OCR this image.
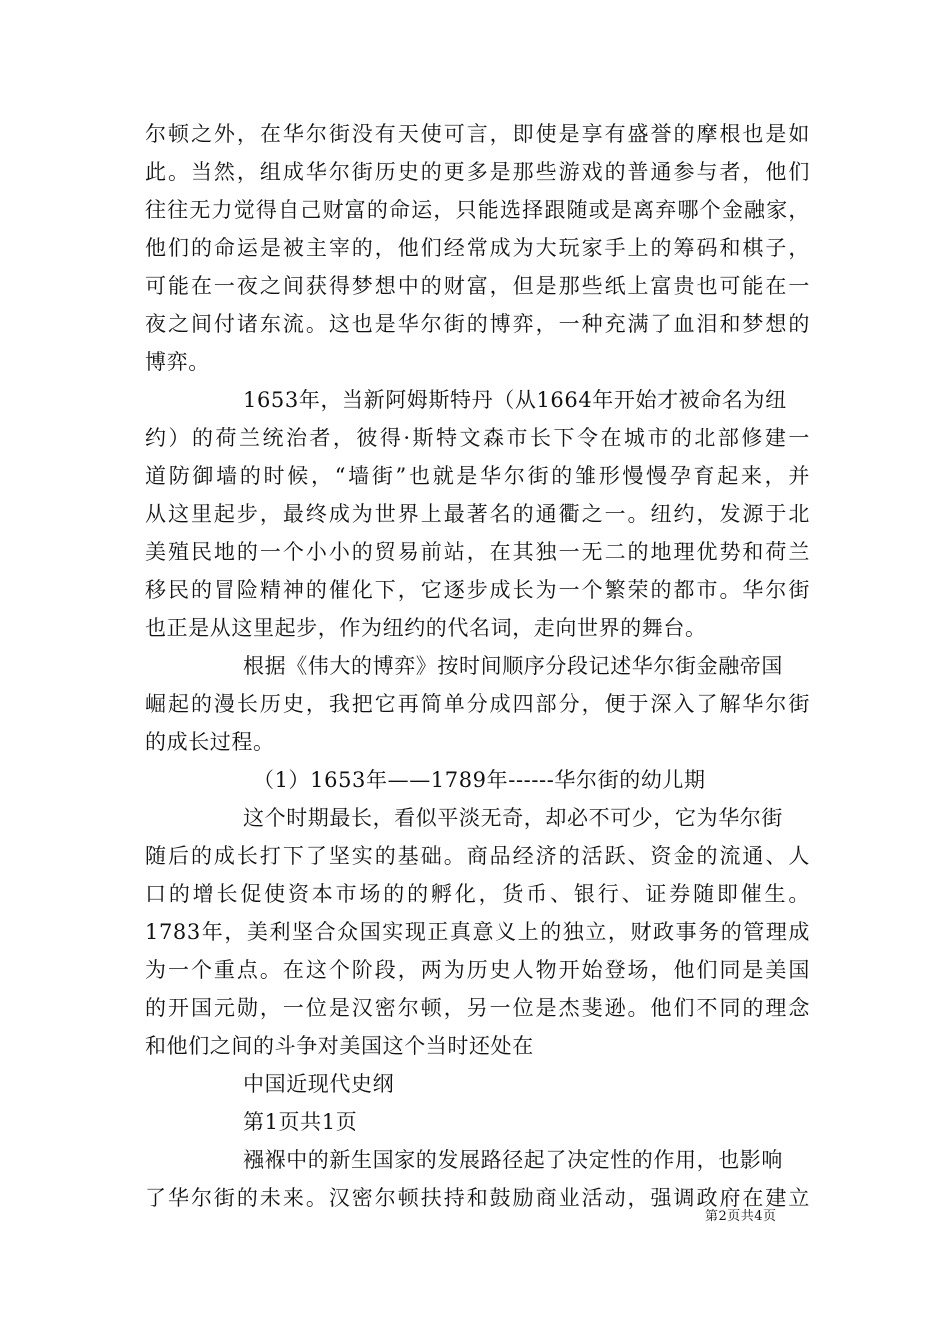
尔顿之外，在华尔街没有天使可言，即使是享有盛誉的摩根也是如
此。当然，组成华尔街历史的更多是那些游戏的普通参与者，他们
往往无力觉得自己财富的命运，只能选择跟随或是离弃哪个金融家，
他们的命运是被主宰的，他们经常成为大玩家手上的筹码和棋子，
可能在一夜之间获得梦想中的财富，但是那些纸上富贵也可能在一
夜之间付诸东流。这也是华尔街的博弈，一种充满了血泪和梦想的
博弈。
1653年，当新阿姆斯特丹（从1664年开始才被命名为纽
约）的荷兰统治者，彼得·斯特文森市长下令在城市的北部修建一
道防御墙的时候，“墙街”也就是华尔街的雏形慢慢孕育起来，并
从这里起步，最终成为世界上最著名的通衢之一。纽约，发源于北
美殖民地的一个小小的贸易前站，在其独一无二的地理优势和荷兰
移民的冒险精神的催化下，它逐步成长为一个繁荣的都市。华尔街
也正是从这里起步，作为纽约的代名词，走向世界的舞台。
根据《伟大的博弈》按时间顺序分段记述华尔街金融帝国
崛起的漫长历史，我把它再简单分成四部分，便于深入了解华尔街
的成长过程。
（1）1653年——1789年------华尔街的幼儿期
这个时期最长，看似平淡无奇，却必不可少，它为华尔街
随后的成长打下了坚实的基础。商品经济的活跃、资金的流通、人
口的增长促使资本市场的的孵化，货币、银行、证券随即催生。
1783年，美利坚合众国实现正真意义上的独立，财政事务的管理成
为一个重点。在这个阶段，两为历史人物开始登场，他们同是美国
的开国元勋，一位是汉密尔顿，另一位是杰斐逊。他们不同的理念
和他们之间的斗争对美国这个当时还处在
中国近现代史纲
第1页共1页
襁褓中的新生国家的发展路径起了决定性的作用，也影响
了华尔街的未来。汉密尔顿扶持和鼓励商业活动，强调政府在建立
第2页共4页
